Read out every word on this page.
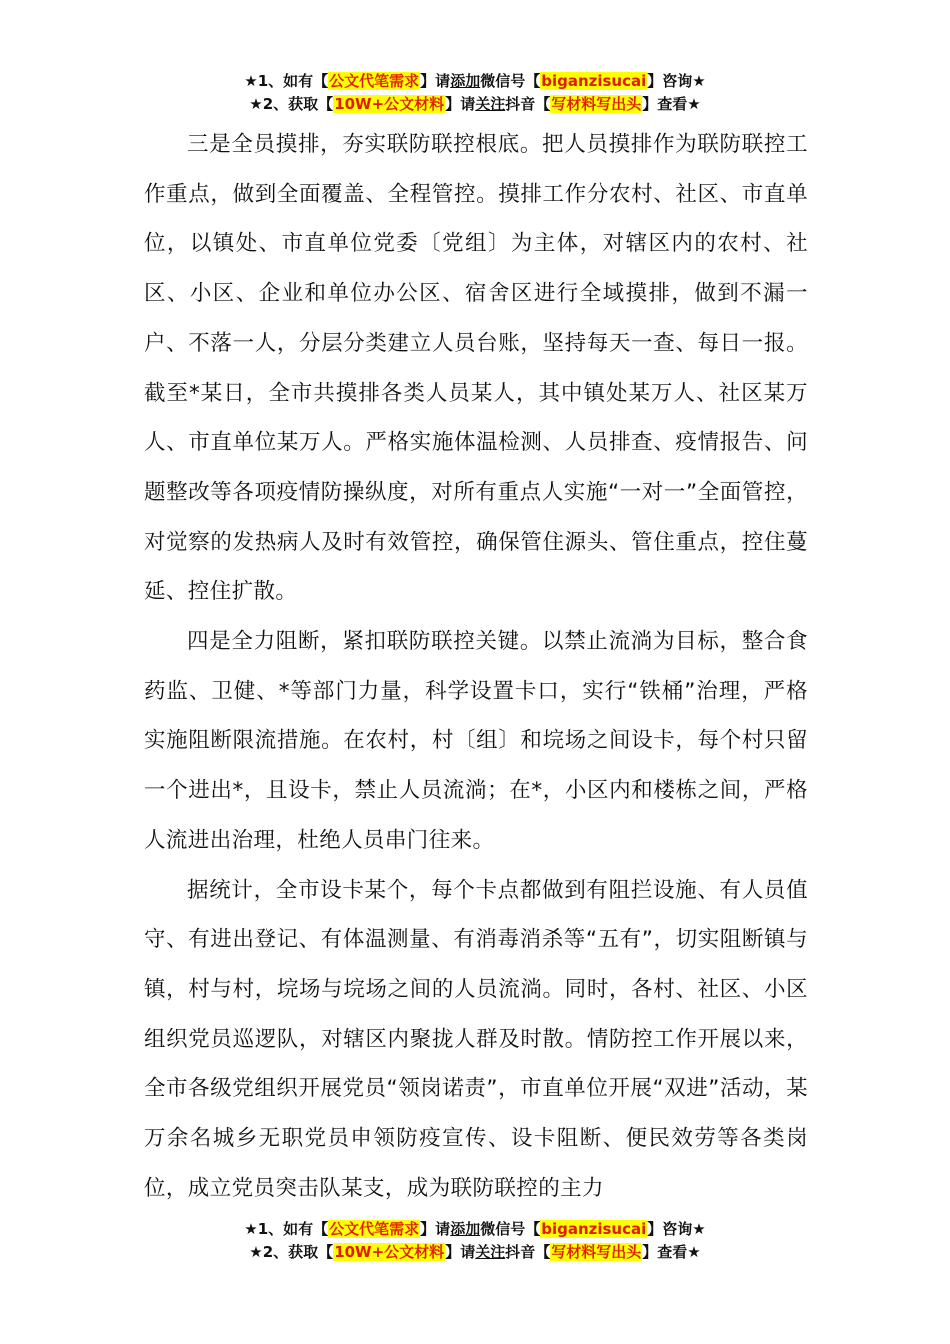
★1、如有【公文代笔需求】请添加微信号【biganzisucai】咨询★
★2、获取【10W+公文材料】请关注抖音【写材料写出头】查看★

三是全员摸排，夯实联防联控根底。把人员摸排作为联防联控工作重点，做到全面覆盖、全程管控。摸排工作分农村、社区、市直单位，以镇处、市直单位党委〔党组〕为主体，对辖区内的农村、社区、小区、企业和单位办公区、宿舍区进行全域摸排，做到不漏一户、不落一人，分层分类建立人员台账，坚持每天一查、每日一报。截至*某日，全市共摸排各类人员某人，其中镇处某万人、社区某万人、市直单位某万人。严格实施体温检测、人员排查、疫情报告、问题整改等各项疫情防操纵度，对所有重点人实施“一对一”全面管控，对觉察的发热病人及时有效管控，确保管住源头、管住重点，控住蔓延、控住扩散。

四是全力阻断，紧扣联防联控关键。以禁止流淌为目标，整合食药监、卫健、*等部门力量，科学设置卡口，实行“铁桶”治理，严格实施阻断限流措施。在农村，村〔组〕和垸场之间设卡，每个村只留一个进出*，且设卡，禁止人员流淌；在*，小区内和楼栋之间，严格人流进出治理，杜绝人员串门往来。

据统计，全市设卡某个，每个卡点都做到有阻拦设施、有人员值守、有进出登记、有体温测量、有消毒消杀等“五有”，切实阻断镇与镇，村与村，垸场与垸场之间的人员流淌。同时，各村、社区、小区组织党员巡逻队，对辖区内聚拢人群及时散。情防控工作开展以来，全市各级党组织开展党员“领岗诺责”，市直单位开展“双进”活动，某万余名城乡无职党员申领防疫宣传、设卡阻断、便民效劳等各类岗位，成立党员突击队某支，成为联防联控的主力

★1、如有【公文代笔需求】请添加微信号【biganzisucai】咨询★
★2、获取【10W+公文材料】请关注抖音【写材料写出头】查看★
